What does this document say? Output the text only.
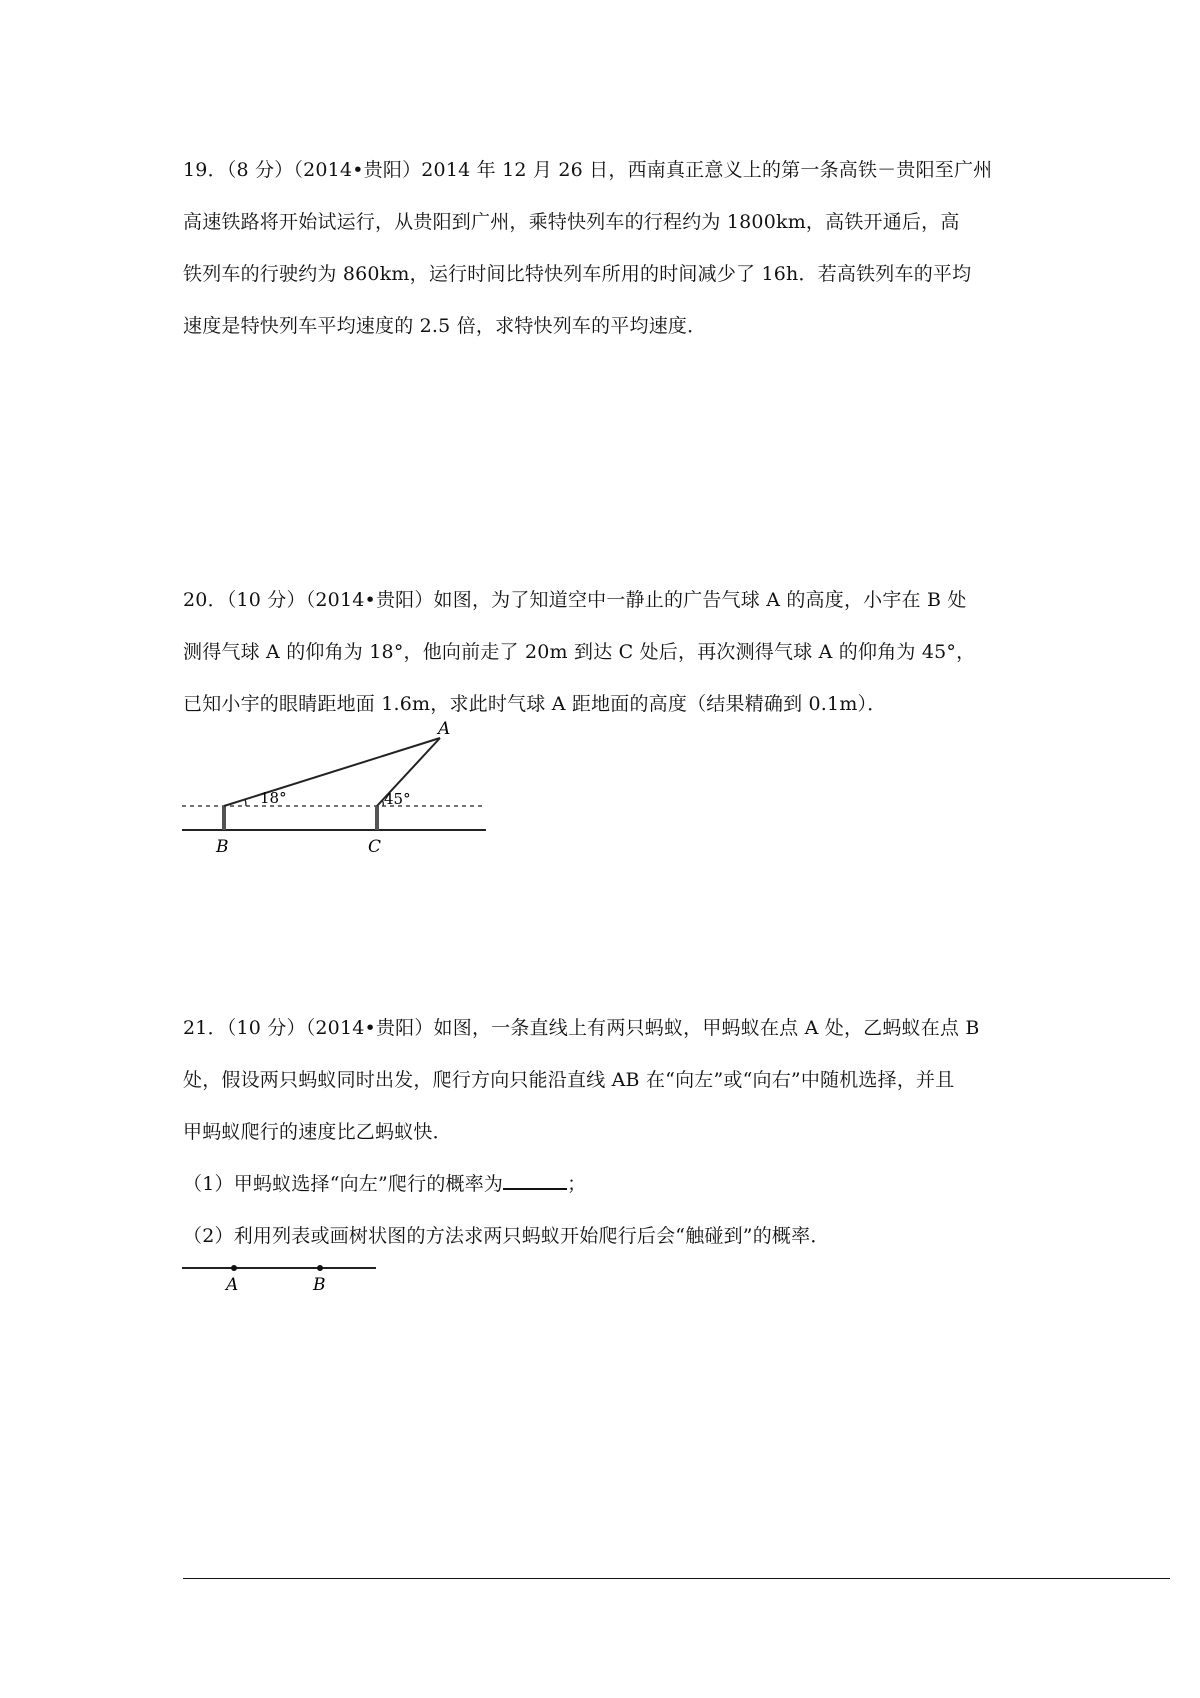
19．（8 分）（2014•贵阳）2014 年 12 月 26 日，西南真正意义上的第一条高铁－贵阳至广州
高速铁路将开始试运行，从贵阳到广州，乘特快列车的行程约为 1800km，高铁开通后，高
铁列车的行驶约为 860km，运行时间比特快列车所用的时间减少了 16h．若高铁列车的平均
速度是特快列车平均速度的 2.5 倍，求特快列车的平均速度．
20．（10 分）（2014•贵阳）如图，为了知道空中一静止的广告气球 A 的高度，小宇在 B 处
测得气球 A 的仰角为 18°，他向前走了 20m 到达 C 处后，再次测得气球 A 的仰角为 45°，
已知小宇的眼睛距地面 1.6m，求此时气球 A 距地面的高度（结果精确到 0.1m）．
A
B	C
18°	45°
21．（10 分）（2014•贵阳）如图，一条直线上有两只蚂蚁，甲蚂蚁在点 A 处，乙蚂蚁在点 B
处，假设两只蚂蚁同时出发，爬行方向只能沿直线 AB 在“向左”或“向右”中随机选择，并且
甲蚂蚁爬行的速度比乙蚂蚁快．
（1）甲蚂蚁选择“向左”爬行的概率为	；
（2）利用列表或画树状图的方法求两只蚂蚁开始爬行后会“触碰到”的概率．
A	B
